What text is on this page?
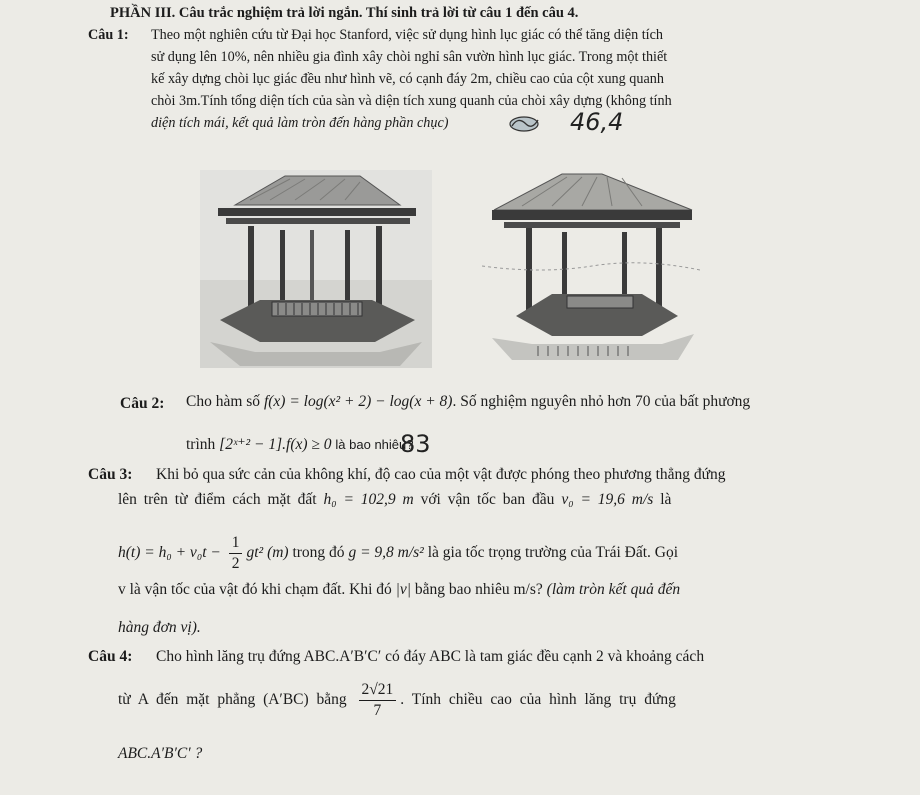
PHẦN III. Câu trắc nghiệm trả lời ngắn. Thí sinh trả lời từ câu 1 đến câu 4.
Câu 1: Theo một nghiên cứu từ Đại học Stanford, việc sử dụng hình lục giác có thể tăng diện tích
sử dụng lên 10%, nên nhiều gia đình xây chòi nghỉ sân vườn hình lục giác. Trong một thiết
kế xây dựng chòi lục giác đều như hình vẽ, có cạnh đáy 2m, chiều cao của cột xung quanh
chòi 3m.Tính tổng diện tích của sàn và diện tích xung quanh của chòi xây dựng (không tính
diện tích mái, kết quả làm tròn đến hàng phần chục)	46,4
Câu 2: Cho hàm số f(x) = log(x² + 2) − log(x + 8). Số nghiệm nguyên nhỏ hơn 70 của bất phương
trình [2ˣ⁺² − 1].f(x) ≥ 0 là bao nhiêu?
83
Câu 3: Khi bỏ qua sức cản của không khí, độ cao của một vật được phóng theo phương thẳng đứng
lên trên từ điểm cách mặt đất h₀ = 102,9 m với vận tốc ban đầu v₀ = 19,6 m/s là
$h(t) = h_0 + v_0t - \frac{1}{2} gt^2$ (m) trong đó g = 9,8 m/s² là gia tốc trọng trường của Trái Đất. Gọi
v là vận tốc của vật đó khi chạm đất. Khi đó |v| bằng bao nhiêu m/s? (làm tròn kết quả đến
hàng đơn vị).
Câu 4: Cho hình lăng trụ đứng ABC.A′B′C′ có đáy ABC là tam giác đều cạnh 2 và khoảng cách
từ A đến mặt phẳng (A′BC) bằng $\frac{2√21}{7}$ . Tính chiều cao của hình lăng trụ đứng
ABC.A′B′C′ ?
